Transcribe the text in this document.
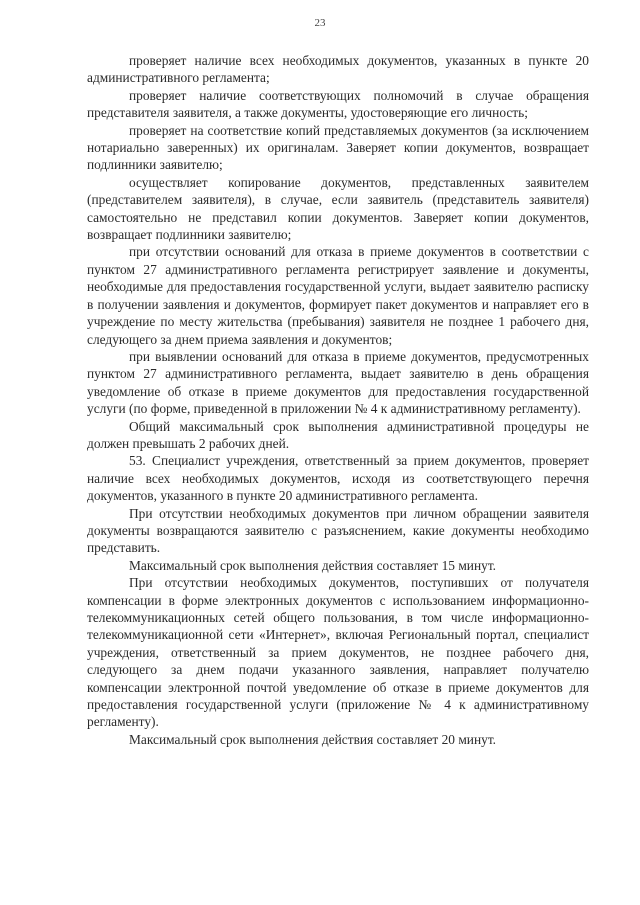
23

проверяет наличие всех необходимых документов, указанных в пункте 20 административного регламента;

проверяет наличие соответствующих полномочий в случае обращения представителя заявителя, а также документы, удостоверяющие его личность;

проверяет на соответствие копий представляемых документов (за исключением нотариально заверенных) их оригиналам. Заверяет копии документов, возвращает подлинники заявителю;

осуществляет копирование документов, представленных заявителем (представителем заявителя), в случае, если заявитель (представитель заявителя) самостоятельно не представил копии документов. Заверяет копии документов, возвращает подлинники заявителю;

при отсутствии оснований для отказа в приеме документов в соответствии с пунктом 27 административного регламента регистрирует заявление и документы, необходимые для предоставления государственной услуги, выдает заявителю расписку в получении заявления и документов, формирует пакет документов и направляет его в учреждение по месту жительства (пребывания) заявителя не позднее 1 рабочего дня, следующего за днем приема заявления и документов;

при выявлении оснований для отказа в приеме документов, предусмотренных пунктом 27 административного регламента, выдает заявителю в день обращения уведомление об отказе в приеме документов для предоставления государственной услуги (по форме, приведенной в приложении № 4 к административному регламенту).

Общий максимальный срок выполнения административной процедуры не должен превышать 2 рабочих дней.

53. Специалист учреждения, ответственный за прием документов, проверяет наличие всех необходимых документов, исходя из соответствующего перечня документов, указанного в пункте 20 административного регламента.

При отсутствии необходимых документов при личном обращении заявителя документы возвращаются заявителю с разъяснением, какие документы необходимо представить.

Максимальный срок выполнения действия составляет 15 минут.

При отсутствии необходимых документов, поступивших от получателя компенсации в форме электронных документов с использованием информационно-телекоммуникационных сетей общего пользования, в том числе информационно-телекоммуникационной сети «Интернет», включая Региональный портал, специалист учреждения, ответственный за прием документов, не позднее рабочего дня, следующего за днем подачи указанного заявления, направляет получателю компенсации электронной почтой уведомление об отказе в приеме документов для предоставления государственной услуги (приложение № 4 к административному регламенту).

Максимальный срок выполнения действия составляет 20 минут.
